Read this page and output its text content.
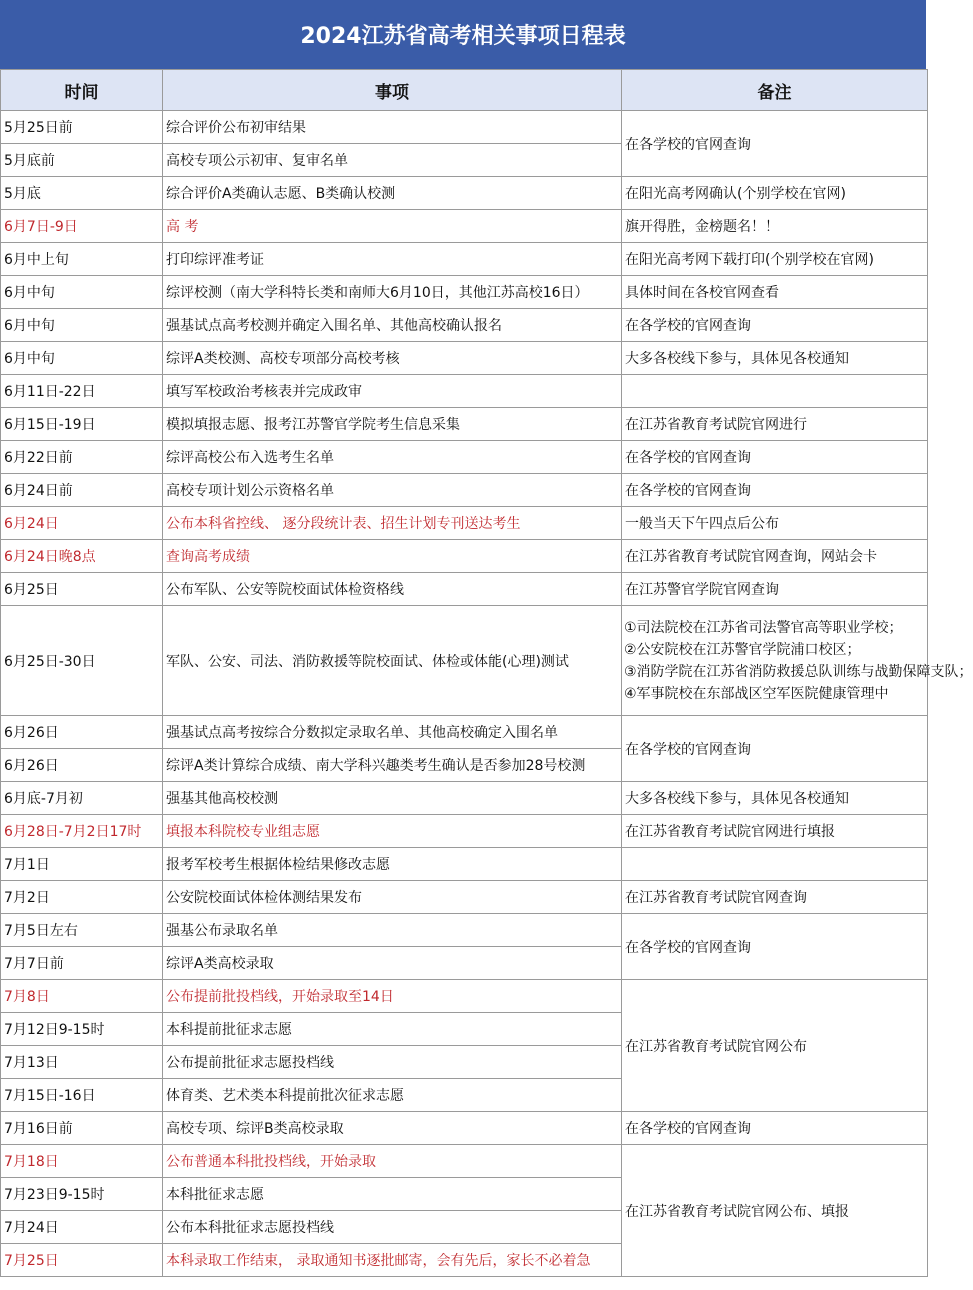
2024江苏省高考相关事项日程表
时间	事项	备注
5月25日前	综合评价公布初审结果	在各学校的官网查询
5月底前	高校专项公示初审、复审名单	
5月底	综合评价A类确认志愿、B类确认校测	在阳光高考网确认(个别学校在官网)
6月7日-9日	高 考	旗开得胜，金榜题名！！
6月中上旬	打印综评准考证	在阳光高考网下载打印(个别学校在官网)
6月中旬	综评校测（南大学科特长类和南师大6月10日，其他江苏高校16日）	具体时间在各校官网查看
6月中旬	强基试点高考校测并确定入围名单、其他高校确认报名	在各学校的官网查询
6月中旬	综评A类校测、高校专项部分高校考核	大多各校线下参与，具体见各校通知
6月11日-22日	填写军校政治考核表并完成政审	
6月15日-19日	模拟填报志愿、报考江苏警官学院考生信息采集	在江苏省教育考试院官网进行
6月22日前	综评高校公布入选考生名单	在各学校的官网查询
6月24日前	高校专项计划公示资格名单	在各学校的官网查询
6月24日	公布本科省控线、 逐分段统计表、招生计划专刊送达考生	一般当天下午四点后公布
6月24日晚8点	查询高考成绩	在江苏省教育考试院官网查询，网站会卡
6月25日	公布军队、公安等院校面试体检资格线	在江苏警官学院官网查询
6月25日-30日	军队、公安、司法、消防救援等院校面试、体检或体能(心理)测试	①司法院校在江苏省司法警官高等职业学校；
②公安院校在江苏警官学院浦口校区；
③消防学院在江苏省消防救援总队训练与战勤保障支队；
④军事院校在东部战区空军医院健康管理中

6月26日	强基试点高考按综合分数拟定录取名单、其他高校确定入围名单	在各学校的官网查询
6月26日	综评A类计算综合成绩、南大学科兴趣类考生确认是否参加28号校测	
6月底-7月初	强基其他高校校测	大多各校线下参与，具体见各校通知
6月28日-7月2日17时	填报本科院校专业组志愿	在江苏省教育考试院官网进行填报
7月1日	报考军校考生根据体检结果修改志愿	
7月2日	公安院校面试体检体测结果发布	在江苏省教育考试院官网查询
7月5日左右	强基公布录取名单	在各学校的官网查询
7月7日前	综评A类高校录取	
7月8日	公布提前批投档线，开始录取至14日	在江苏省教育考试院官网公布
7月12日9-15时	本科提前批征求志愿	
7月13日	公布提前批征求志愿投档线	
7月15日-16日	体育类、艺术类本科提前批次征求志愿	
7月16日前	高校专项、综评B类高校录取	在各学校的官网查询
7月18日	公布普通本科批投档线，开始录取	在江苏省教育考试院官网公布、填报
7月23日9-15时	本科批征求志愿	
7月24日	公布本科批征求志愿投档线	
7月25日	本科录取工作结束， 录取通知书逐批邮寄，会有先后，家长不必着急	
